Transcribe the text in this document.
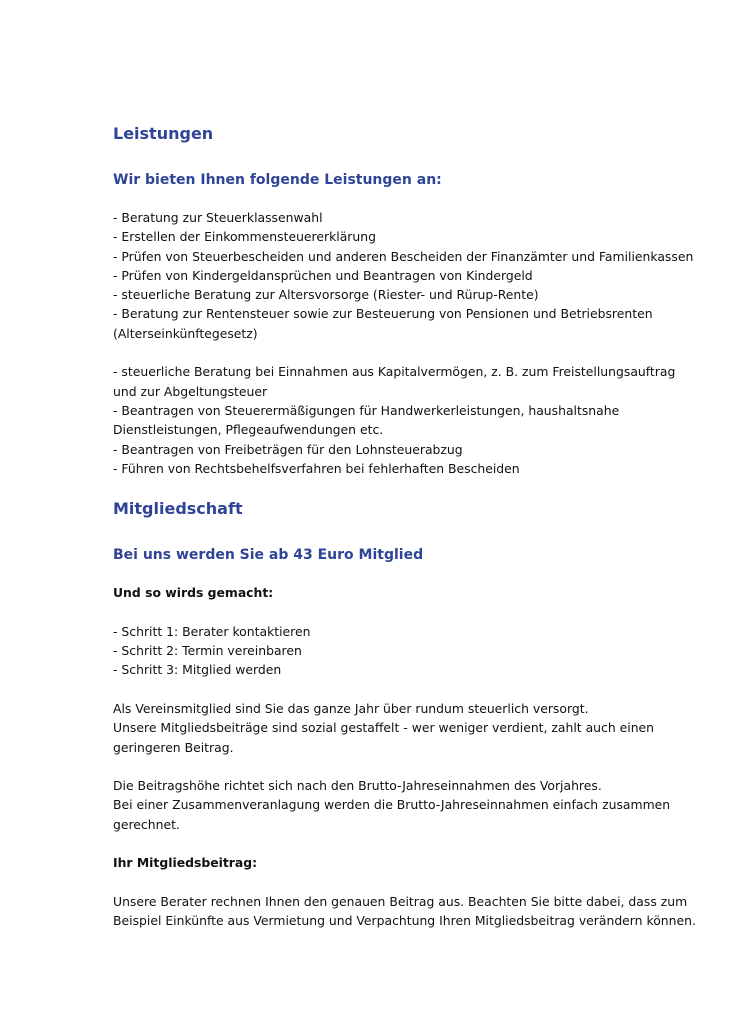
Leistungen
Wir bieten Ihnen folgende Leistungen an:
- Beratung zur Steuerklassenwahl
- Erstellen der Einkommensteuererklärung
- Prüfen von Steuerbescheiden und anderen Bescheiden der Finanzämter und Familienkassen
- Prüfen von Kindergeldansprüchen und Beantragen von Kindergeld
- steuerliche Beratung zur Altersvorsorge (Riester- und Rürup-Rente)
- Beratung zur Rentensteuer sowie zur Besteuerung von Pensionen und Betriebsrenten
(Alterseinkünftegesetz)
- steuerliche Beratung bei Einnahmen aus Kapitalvermögen, z. B. zum Freistellungsauftrag
und zur Abgeltungsteuer
- Beantragen von Steuerermäßigungen für Handwerkerleistungen, haushaltsnahe
Dienstleistungen, Pflegeaufwendungen etc.
- Beantragen von Freibeträgen für den Lohnsteuerabzug
- Führen von Rechtsbehelfsverfahren bei fehlerhaften Bescheiden
Mitgliedschaft
Bei uns werden Sie ab 43 Euro Mitglied
Und so wirds gemacht:
- Schritt 1: Berater kontaktieren
- Schritt 2: Termin vereinbaren
- Schritt 3: Mitglied werden
Als Vereinsmitglied sind Sie das ganze Jahr über rundum steuerlich versorgt.
Unsere Mitgliedsbeiträge sind sozial gestaffelt - wer weniger verdient, zahlt auch einen
geringeren Beitrag.
Die Beitragshöhe richtet sich nach den Brutto-Jahreseinnahmen des Vorjahres.
Bei einer Zusammenveranlagung werden die Brutto-Jahreseinnahmen einfach zusammen
gerechnet.
Ihr Mitgliedsbeitrag:
Unsere Berater rechnen Ihnen den genauen Beitrag aus. Beachten Sie bitte dabei, dass zum
Beispiel Einkünfte aus Vermietung und Verpachtung Ihren Mitgliedsbeitrag verändern können.
